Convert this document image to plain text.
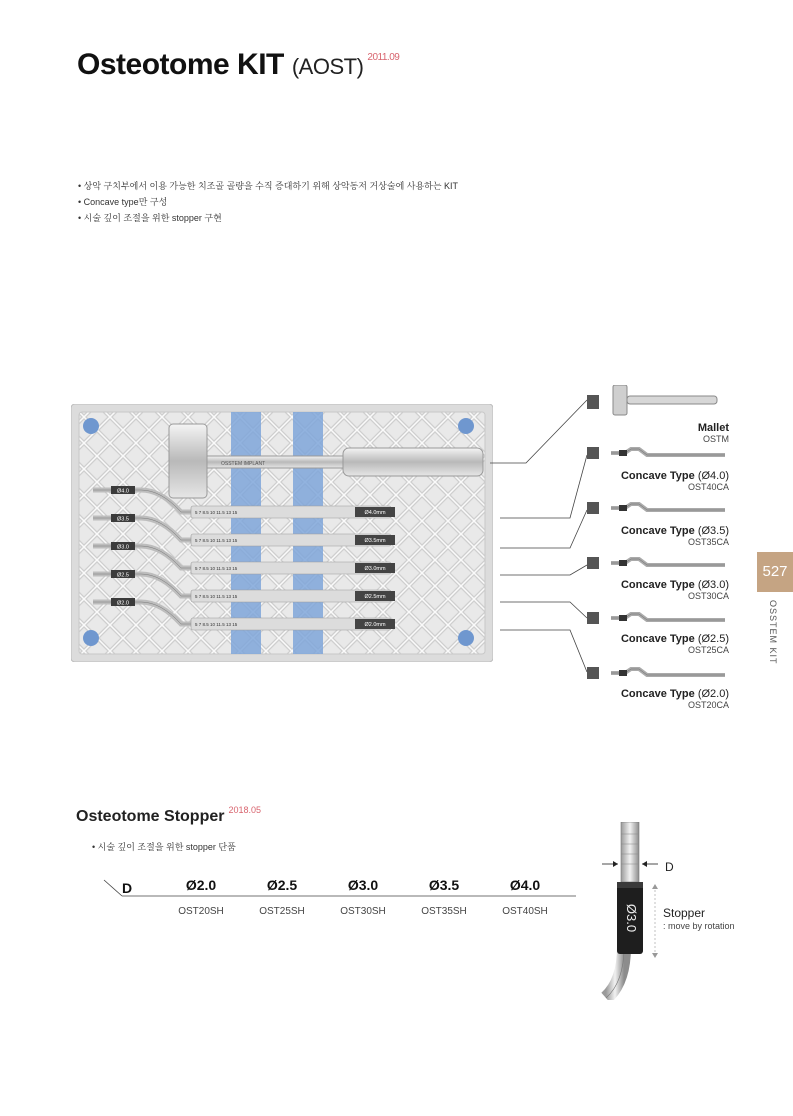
Osteotome KIT (AOST) $^{2011.09}$
• 상악 구치부에서 이용 가능한 치조골 골량을 수직 증대하기 위해 상악동저 거상술에 사용하는 KIT
• Concave type만 구성
• 시술 깊이 조절을 위한 stopper 구현
OSSTEM IMPLANT
Ø4.0
5 7 8.5 10 11.5 13 15	Ø4.0mm
Ø3.5
5 7 8.5 10 11.5 13 15	Ø3.5mm
Ø3.0
5 7 8.5 10 11.5 13 15	Ø3.0mm
Ø2.5
5 7 8.5 10 11.5 13 15	Ø2.5mm
Ø2.0
5 7 8.5 10 11.5 13 15	Ø2.0mm
Mallet
OSTM
Concave Type (Ø4.0)
OST40CA
Concave Type (Ø3.5)
OST35CA
Concave Type (Ø3.0)
OST30CA
Concave Type (Ø2.5)
OST25CA
Concave Type (Ø2.0)
OST20CA
527
OSSTEM KIT
Osteotome Stopper $^{2018.05}$
• 시술 깊이 조절을 위한 stopper 단품
D	Ø2.0	Ø2.5	Ø3.0	Ø3.5	Ø4.0
OST20SH	OST25SH	OST30SH	OST35SH	OST40SH	Ø3.0
D
Stopper
: move by rotation
